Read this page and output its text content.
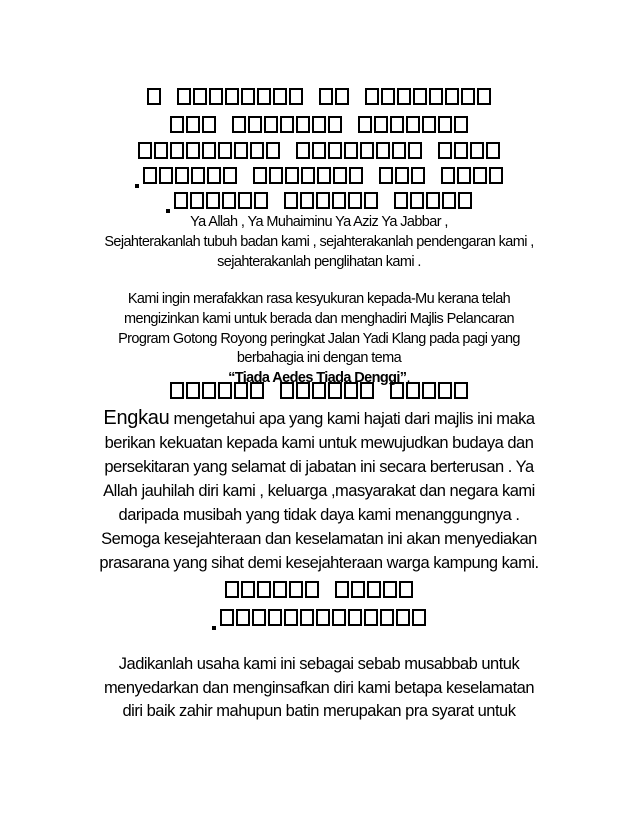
Ya Allah , Ya Muhaiminu Ya Aziz Ya Jabbar ,
Sejahterakanlah tubuh badan kami , sejahterakanlah pendengaran kami ,
sejahterakanlah penglihatan kami .
Kami ingin merafakkan rasa kesyukuran kepada-Mu kerana telah
mengizinkan kami untuk berada dan menghadiri Majlis Pelancaran
Program Gotong Royong peringkat Jalan Yadi Klang pada pagi yang
berbahagia ini dengan tema
“Tiada Aedes Tiada Denggi”.
Engkau mengetahui apa yang kami hajati dari majlis ini maka
berikan kekuatan kepada kami untuk mewujudkan budaya dan
persekitaran yang selamat di jabatan ini secara berterusan . Ya
Allah jauhilah diri kami , keluarga ,masyarakat dan negara kami
daripada musibah yang tidak daya kami menanggungnya .
Semoga kesejahteraan dan keselamatan ini akan menyediakan
prasarana yang sihat demi kesejahteraan warga kampung kami.
Jadikanlah usaha kami ini sebagai sebab musabbab untuk
menyedarkan dan menginsafkan diri kami betapa keselamatan
diri baik zahir mahupun batin merupakan pra syarat untuk
